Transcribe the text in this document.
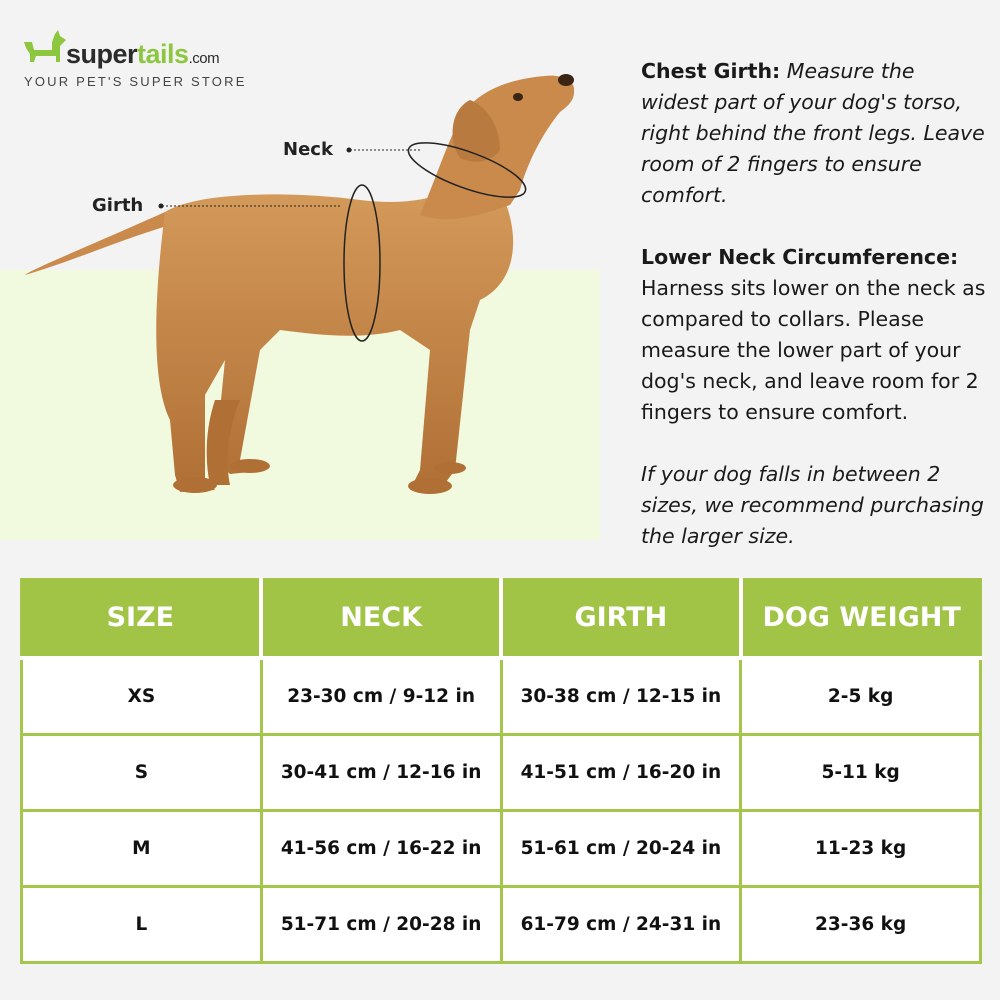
supertails.com
YOUR PET'S SUPER STORE
Neck
Girth

Chest Girth: Measure the widest part of your dog's torso, right behind the front legs. Leave room of 2 fingers to ensure comfort.

Lower Neck Circumference: Harness sits lower on the neck as compared to collars. Please measure the lower part of your dog's neck, and leave room for 2 fingers to ensure comfort.

If your dog falls in between 2 sizes, we recommend purchasing the larger size.

SIZE	NECK	GIRTH	DOG WEIGHT
XS	23-30 cm / 9-12 in	30-38 cm / 12-15 in	2-5 kg
S	30-41 cm / 12-16 in	41-51 cm / 16-20 in	5-11 kg
M	41-56 cm / 16-22 in	51-61 cm / 20-24 in	11-23 kg
L	51-71 cm / 20-28 in	61-79 cm / 24-31 in	23-36 kg
